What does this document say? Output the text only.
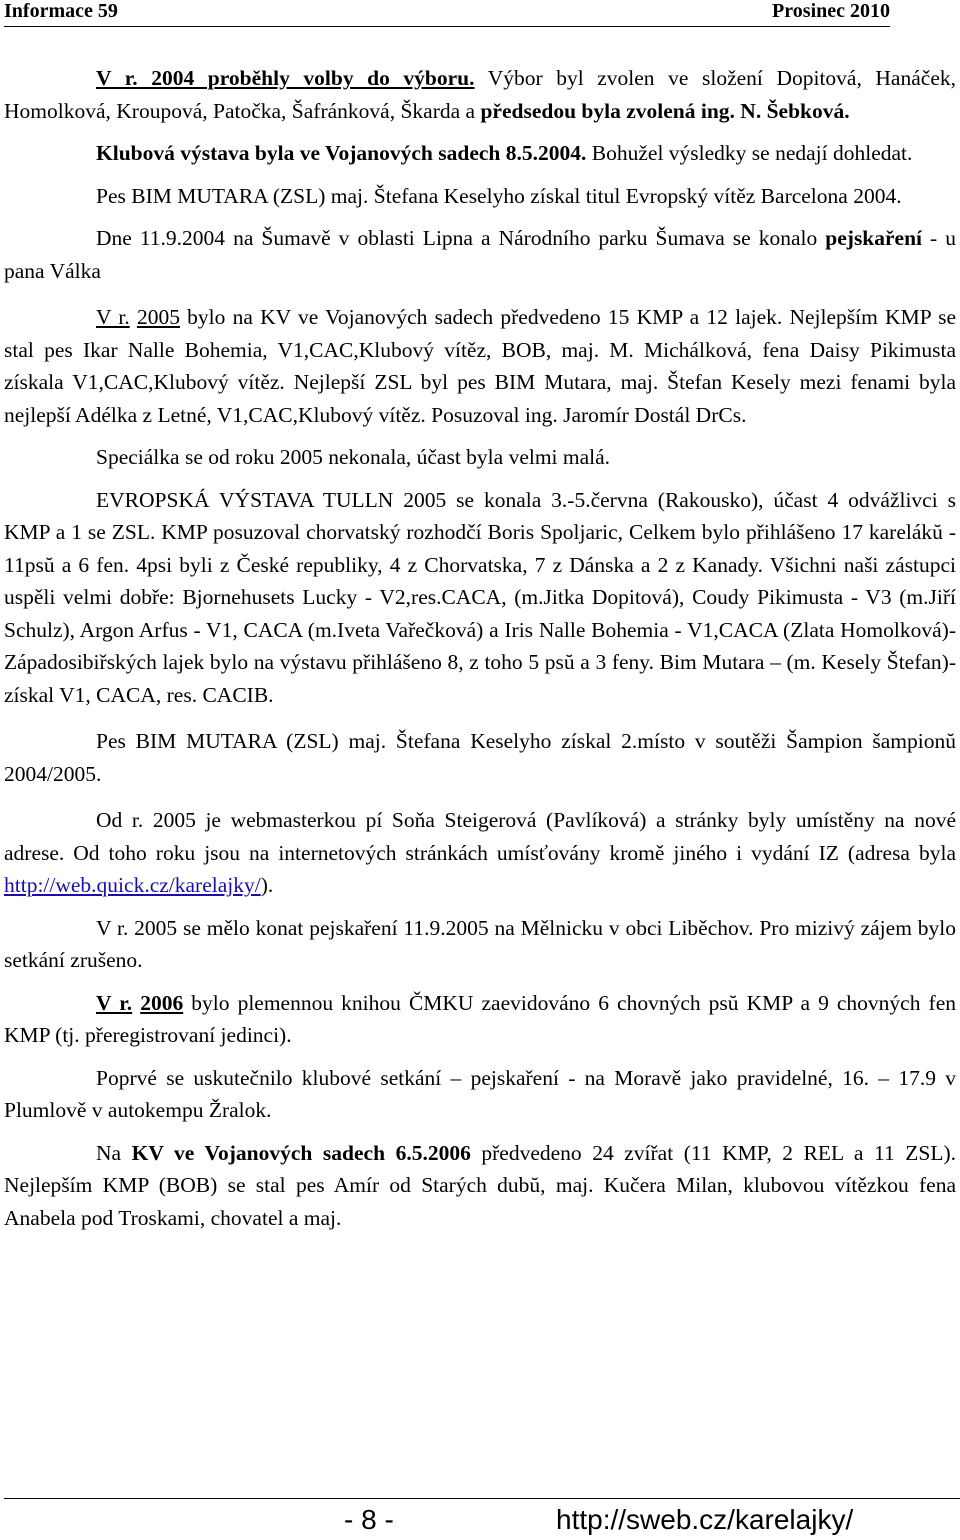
Informace 59	Prosinec 2010

V r. 2004 proběhly volby do výboru. Výbor byl zvolen ve složení Dopitová, Hanáček, Homolková, Kroupová, Patočka, Šafránková, Škarda a předsedou byla zvolená ing. N. Šebková.

Klubová výstava byla ve Vojanových sadech 8.5.2004. Bohužel výsledky se nedají dohledat.

Pes BIM MUTARA (ZSL) maj. Štefana Keselyho získal titul Evropský vítěz Barcelona 2004.

Dne 11.9.2004 na Šumavě v oblasti Lipna a Národního parku Šumava se konalo pejskaření - u pana Válka

V r. 2005 bylo na KV ve Vojanových sadech předvedeno 15 KMP a 12 lajek. Nejlepším KMP se stal pes Ikar Nalle Bohemia, V1,CAC,Klubový vítěz, BOB, maj. M. Michálková, fena Daisy Pikimusta získala V1,CAC,Klubový vítěz. Nejlepší ZSL byl pes BIM Mutara, maj. Štefan Kesely mezi fenami byla nejlepší Adélka z Letné, V1,CAC,Klubový vítěz. Posuzoval ing. Jaromír Dostál DrCs.

Speciálka se od roku 2005 nekonala, účast byla velmi malá.

EVROPSKÁ VÝSTAVA TULLN 2005 se konala 3.-5.června (Rakousko), účast 4 odvážlivci s KMP a 1 se ZSL. KMP posuzoval chorvatský rozhodčí Boris Spoljaric, Celkem bylo přihlášeno 17 karelákŭ - 11psŭ a 6 fen. 4psi byli z České republiky, 4 z Chorvatska, 7 z Dánska a 2 z Kanady. Všichni naši zástupci uspěli velmi dobře: Bjornehusets Lucky - V2,res.CACA, (m.Jitka Dopitová), Coudy Pikimusta - V3 (m.Jiří Schulz), Argon Arfus - V1, CACA (m.Iveta Vařečková) a Iris Nalle Bohemia - V1,CACA (Zlata Homolková)- Západosibiřských lajek bylo na výstavu přihlášeno 8, z toho 5 psŭ a 3 feny. Bim Mutara – (m. Kesely Štefan)- získal V1, CACA, res. CACIB.

Pes BIM MUTARA (ZSL) maj. Štefana Keselyho získal 2.místo v soutěži Šampion šampionŭ 2004/2005.

Od r. 2005 je webmasterkou pí Soňa Steigerová (Pavlíková) a stránky byly umístěny na nové adrese. Od toho roku jsou na internetových stránkách umísťovány kromě jiného i vydání IZ (adresa byla http://web.quick.cz/karelajky/).

V r. 2005 se mělo konat pejskaření 11.9.2005 na Mělnicku v obci Liběchov. Pro mizivý zájem bylo setkání zrušeno.

V r. 2006 bylo plemennou knihou ČMKU zaevidováno 6 chovných psŭ KMP a 9 chovných fen KMP (tj. přeregistrovaní jedinci).

Poprvé se uskutečnilo klubové setkání – pejskaření - na Moravě jako pravidelné, 16. – 17.9 v Plumlově v autokempu Žralok.

Na KV ve Vojanových sadech 6.5.2006 předvedeno 24 zvířat (11 KMP, 2 REL a 11 ZSL). Nejlepším KMP (BOB) se stal pes Amír od Starých dubŭ, maj. Kučera Milan, klubovou vítězkou fena Anabela pod Troskami, chovatel a maj.

- 8 -	http://sweb.cz/karelajky/
